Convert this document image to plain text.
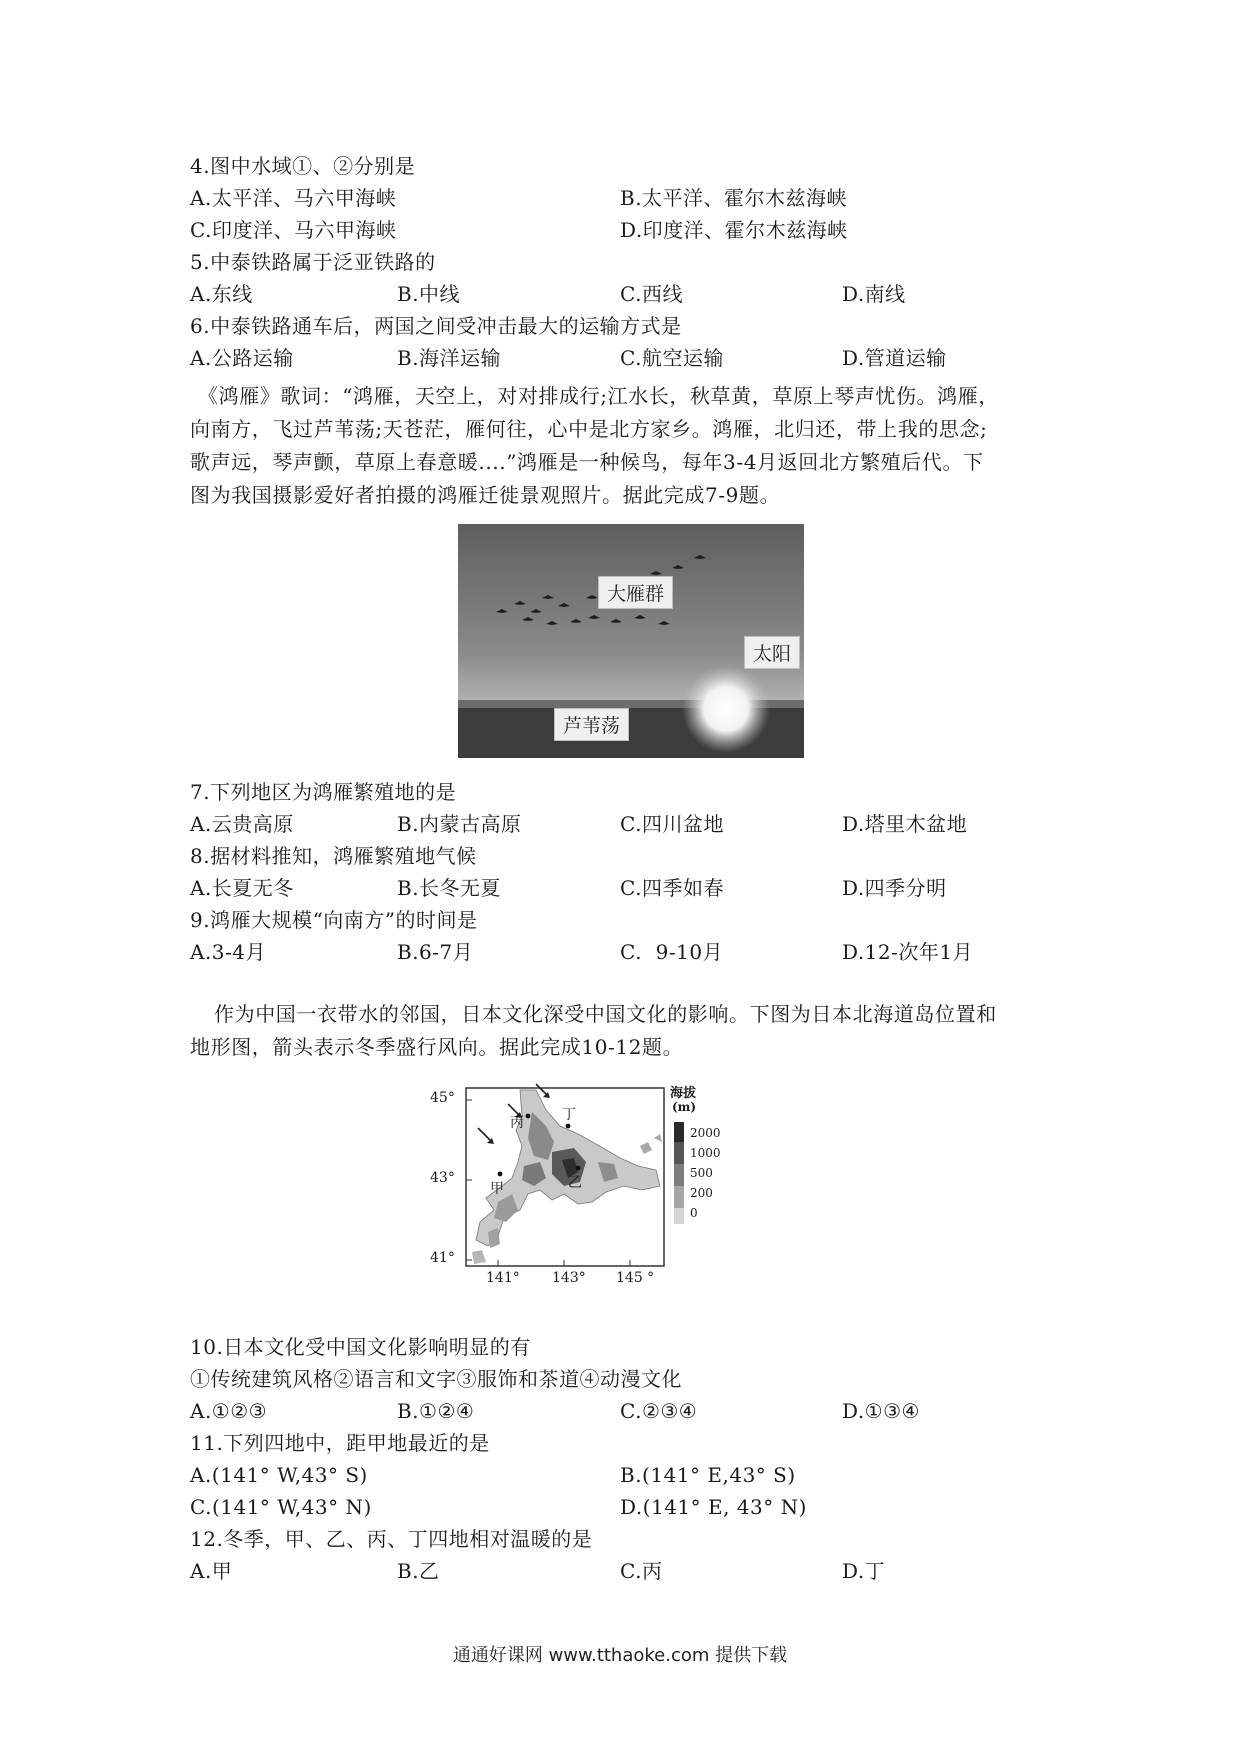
4.图中水域①、②分别是
A.太平洋、马六甲海峡	B.太平洋、霍尔木兹海峡
C.印度洋、马六甲海峡	D.印度洋、霍尔木兹海峡
5.中泰铁路属于泛亚铁路的
A.东线	B.中线	C.西线	D.南线
6.中泰铁路通车后，两国之间受冲击最大的运输方式是
A.公路运输	B.海洋运输	C.航空运输	D.管道运输

《鸿雁》歌词：“鸿雁，天空上，对对排成行;江水长，秋草黄，草原上琴声忧伤。鸿雁，

向南方，飞过芦苇荡;天苍茫，雁何往，心中是北方家乡。鸿雁，北归还，带上我的思念;

歌声远，琴声颤，草原上春意暖....”鸿雁是一种候鸟，每年3-4月返回北方繁殖后代。下

图为我国摄影爱好者拍摄的鸿雁迁徙景观照片。据此完成7-9题。

大雁群
太阳
芦苇荡
7.下列地区为鸿雁繁殖地的是
A.云贵高原	B.内蒙古高原	C.四川盆地	D.塔里木盆地
8.据材料推知，鸿雁繁殖地气候
A.长夏无冬	B.长冬无夏	C.四季如春	D.四季分明
9.鸿雁大规模“向南方”的时间是
A.3-4月	B.6-7月	C.  9-10月	D.12-次年1月

作为中国一衣带水的邻国，日本文化深受中国文化的影响。下图为日本北海道岛位置和

地形图，箭头表示冬季盛行风向。据此完成10-12题。

45°
43°
41°
141° 143° 145 °
丙	丁
甲	乙
海拔
(m)
2000
1000
500
200
0
10.日本文化受中国文化影响明显的有
①传统建筑风格②语言和文字③服饰和茶道④动漫文化
A.①②③	B.①②④	C.②③④	D.①③④
11.下列四地中，距甲地最近的是
A.(141° W,43° S)	B.(141° E,43° S)
C.(141° W,43° N)	D.(141° E, 43° N)
12.冬季，甲、乙、丙、丁四地相对温暖的是
A.甲	B.乙	C.丙	D.丁
通通好课网 www.tthaoke.com 提供下载
